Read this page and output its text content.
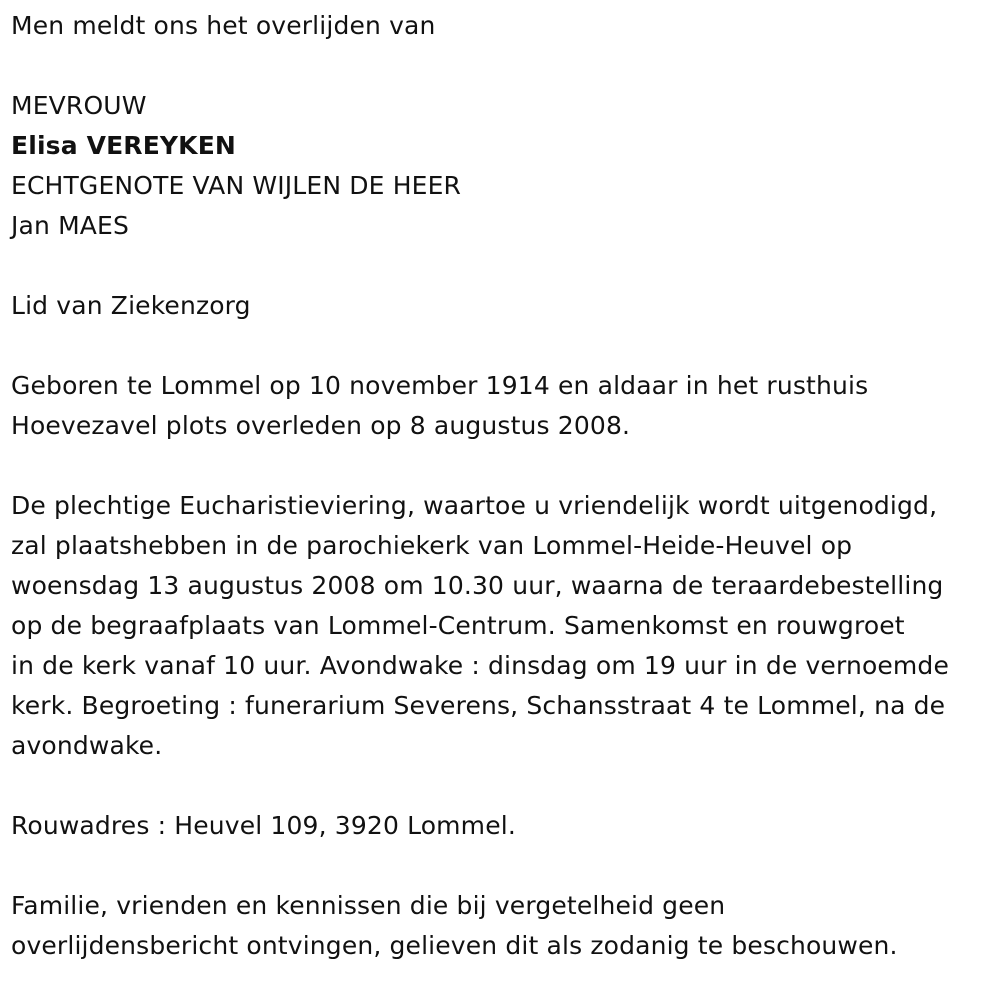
Men meldt ons het overlijden van
MEVROUW
Elisa VEREYKEN
ECHTGENOTE VAN WIJLEN DE HEER
Jan MAES
Lid van Ziekenzorg
Geboren te Lommel op 10 november 1914 en aldaar in het rusthuis
Hoevezavel plots overleden op 8 augustus 2008.
De plechtige Eucharistieviering, waartoe u vriendelijk wordt uitgenodigd,
zal plaatshebben in de parochiekerk van Lommel-Heide-Heuvel op
woensdag 13 augustus 2008 om 10.30 uur, waarna de teraardebestelling
op de begraafplaats van Lommel-Centrum. Samenkomst en rouwgroet
in de kerk vanaf 10 uur. Avondwake : dinsdag om 19 uur in de vernoemde
kerk. Begroeting : funerarium Severens, Schansstraat 4 te Lommel, na de
avondwake.
Rouwadres : Heuvel 109, 3920 Lommel.
Familie, vrienden en kennissen die bij vergetelheid geen
overlijdensbericht ontvingen, gelieven dit als zodanig te beschouwen.
